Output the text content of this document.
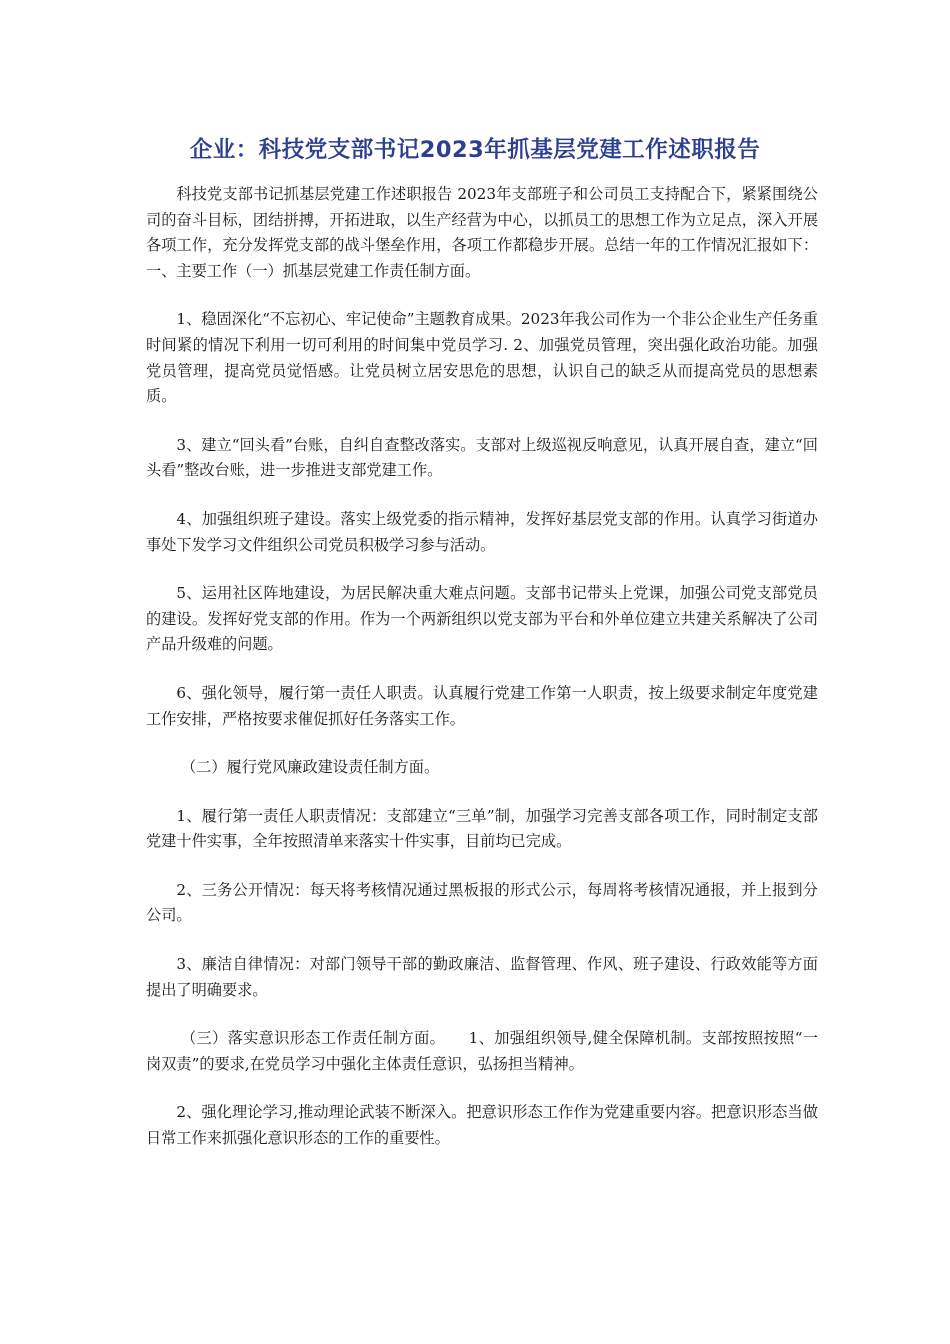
企业：科技党支部书记2023年抓基层党建工作述职报告

科技党支部书记抓基层党建工作述职报告 2023年支部班子和公司员工支持配合下，紧紧围绕公司的奋斗目标，团结拼搏，开拓进取，以生产经营为中心，以抓员工的思想工作为立足点，深入开展各项工作，充分发挥党支部的战斗堡垒作用，各项工作都稳步开展。总结一年的工作情况汇报如下：一、主要工作（一）抓基层党建工作责任制方面。

1、稳固深化“不忘初心、牢记使命”主题教育成果。2023年我公司作为一个非公企业生产任务重时间紧的情况下利用一切可利用的时间集中党员学习. 2、加强党员管理，突出强化政治功能。加强党员管理，提高党员觉悟感。让党员树立居安思危的思想，认识自己的缺乏从而提高党员的思想素质。

3、建立“回头看”台账，自纠自查整改落实。支部对上级巡视反响意见，认真开展自查，建立“回头看”整改台账，进一步推进支部党建工作。

4、加强组织班子建设。落实上级党委的指示精神，发挥好基层党支部的作用。认真学习街道办事处下发学习文件组织公司党员积极学习参与活动。

5、运用社区阵地建设，为居民解决重大难点问题。支部书记带头上党课，加强公司党支部党员的建设。发挥好党支部的作用。作为一个两新组织以党支部为平台和外单位建立共建关系解决了公司产品升级难的问题。

6、强化领导，履行第一责任人职责。认真履行党建工作第一人职责，按上级要求制定年度党建工作安排，严格按要求催促抓好任务落实工作。

（二）履行党风廉政建设责任制方面。

1、履行第一责任人职责情况：支部建立“三单”制，加强学习完善支部各项工作，同时制定支部党建十件实事，全年按照清单来落实十件实事，目前均已完成。

2、三务公开情况：每天将考核情况通过黑板报的形式公示，每周将考核情况通报，并上报到分公司。

3、廉洁自律情况：对部门领导干部的勤政廉洁、监督管理、作风、班子建设、行政效能等方面提出了明确要求。

（三）落实意识形态工作责任制方面。　　1、加强组织领导,健全保障机制。支部按照按照“一岗双责”的要求,在党员学习中强化主体责任意识，弘扬担当精神。

2、强化理论学习,推动理论武装不断深入。把意识形态工作作为党建重要内容。把意识形态当做日常工作来抓强化意识形态的工作的重要性。
